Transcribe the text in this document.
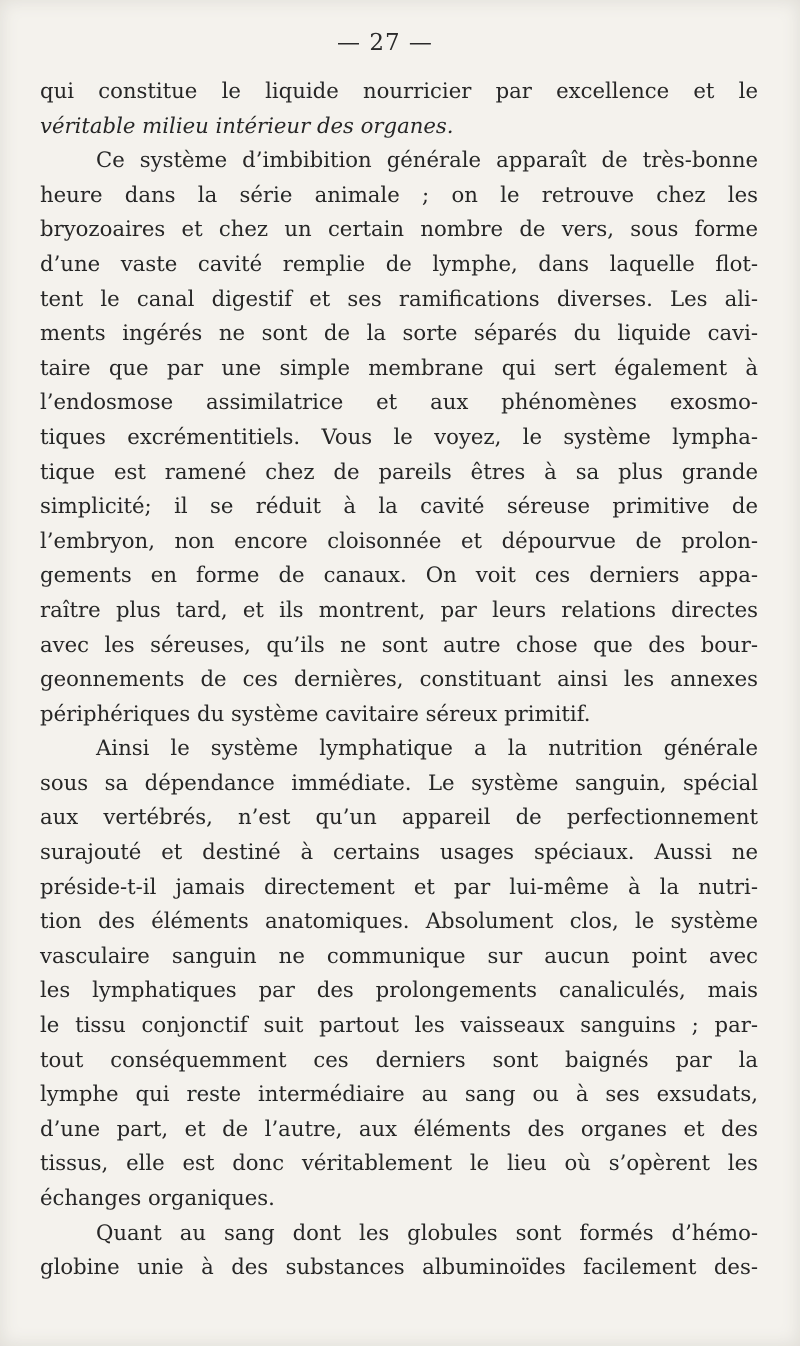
— 27 —
qui constitue le liquide nourricier par excellence et le
véritable milieu intérieur des organes.
Ce système d’imbibition générale apparaît de très-bonne
heure dans la série animale ; on le retrouve chez les
bryozoaires et chez un certain nombre de vers, sous forme
d’une vaste cavité remplie de lymphe, dans laquelle flot-
tent le canal digestif et ses ramifications diverses. Les ali-
ments ingérés ne sont de la sorte séparés du liquide cavi-
taire que par une simple membrane qui sert également à
l’endosmose assimilatrice et aux phénomènes exosmo-
tiques excrémentitiels. Vous le voyez, le système lympha-
tique est ramené chez de pareils êtres à sa plus grande
simplicité; il se réduit à la cavité séreuse primitive de
l’embryon, non encore cloisonnée et dépourvue de prolon-
gements en forme de canaux. On voit ces derniers appa-
raître plus tard, et ils montrent, par leurs relations directes
avec les séreuses, qu’ils ne sont autre chose que des bour-
geonnements de ces dernières, constituant ainsi les annexes
périphériques du système cavitaire séreux primitif.
Ainsi le système lymphatique a la nutrition générale
sous sa dépendance immédiate. Le système sanguin, spécial
aux vertébrés, n’est qu’un appareil de perfectionnement
surajouté et destiné à certains usages spéciaux. Aussi ne
préside-t-il jamais directement et par lui-même à la nutri-
tion des éléments anatomiques. Absolument clos, le système
vasculaire sanguin ne communique sur aucun point avec
les lymphatiques par des prolongements canaliculés, mais
le tissu conjonctif suit partout les vaisseaux sanguins ; par-
tout conséquemment ces derniers sont baignés par la
lymphe qui reste intermédiaire au sang ou à ses exsudats,
d’une part, et de l’autre, aux éléments des organes et des
tissus, elle est donc véritablement le lieu où s’opèrent les
échanges organiques.
Quant au sang dont les globules sont formés d’hémo-
globine unie à des substances albuminoïdes facilement des-
